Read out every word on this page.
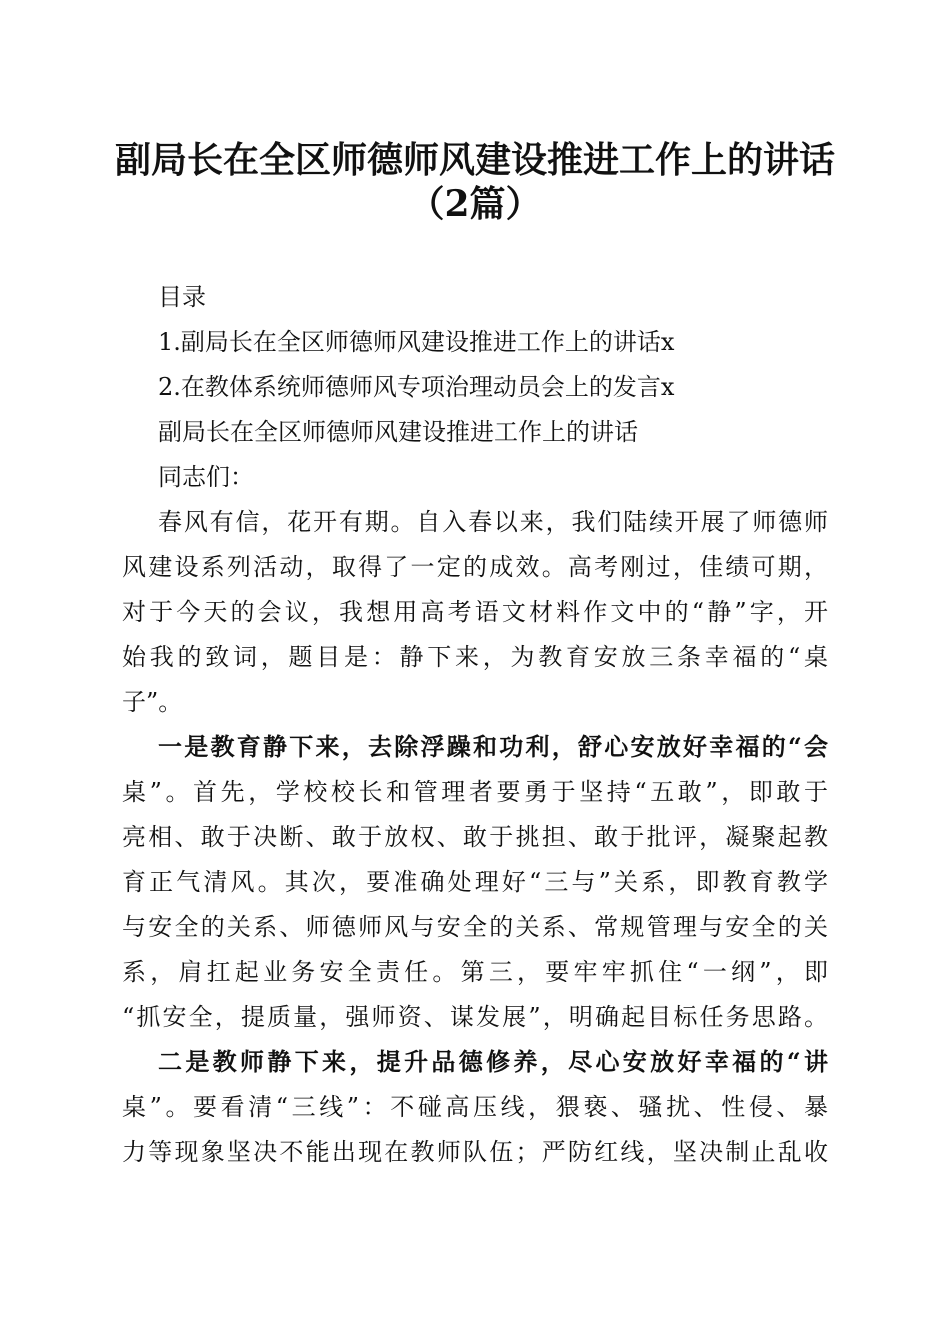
副局长在全区师德师风建设推进工作上的讲话
（2篇）
目录
1.副局长在全区师德师风建设推进工作上的讲话x
2.在教体系统师德师风专项治理动员会上的发言x
副局长在全区师德师风建设推进工作上的讲话
同志们：
春风有信，花开有期。自入春以来，我们陆续开展了师德师
风建设系列活动，取得了一定的成效。高考刚过，佳绩可期，
对于今天的会议，我想用高考语文材料作文中的“静”字，开
始我的致词，题目是：静下来，为教育安放三条幸福的“桌
子”。
一是教育静下来，去除浮躁和功利，舒心安放好幸福的“会
桌”。首先，学校校长和管理者要勇于坚持“五敢”，即敢于
亮相、敢于决断、敢于放权、敢于挑担、敢于批评，凝聚起教
育正气清风。其次，要准确处理好“三与”关系，即教育教学
与安全的关系、师德师风与安全的关系、常规管理与安全的关
系，肩扛起业务安全责任。第三，要牢牢抓住“一纲”，即
“抓安全，提质量，强师资、谋发展”，明确起目标任务思路。
二是教师静下来，提升品德修养，尽心安放好幸福的“讲
桌”。要看清“三线”：不碰高压线，猥亵、骚扰、性侵、暴
力等现象坚决不能出现在教师队伍；严防红线，坚决制止乱收
